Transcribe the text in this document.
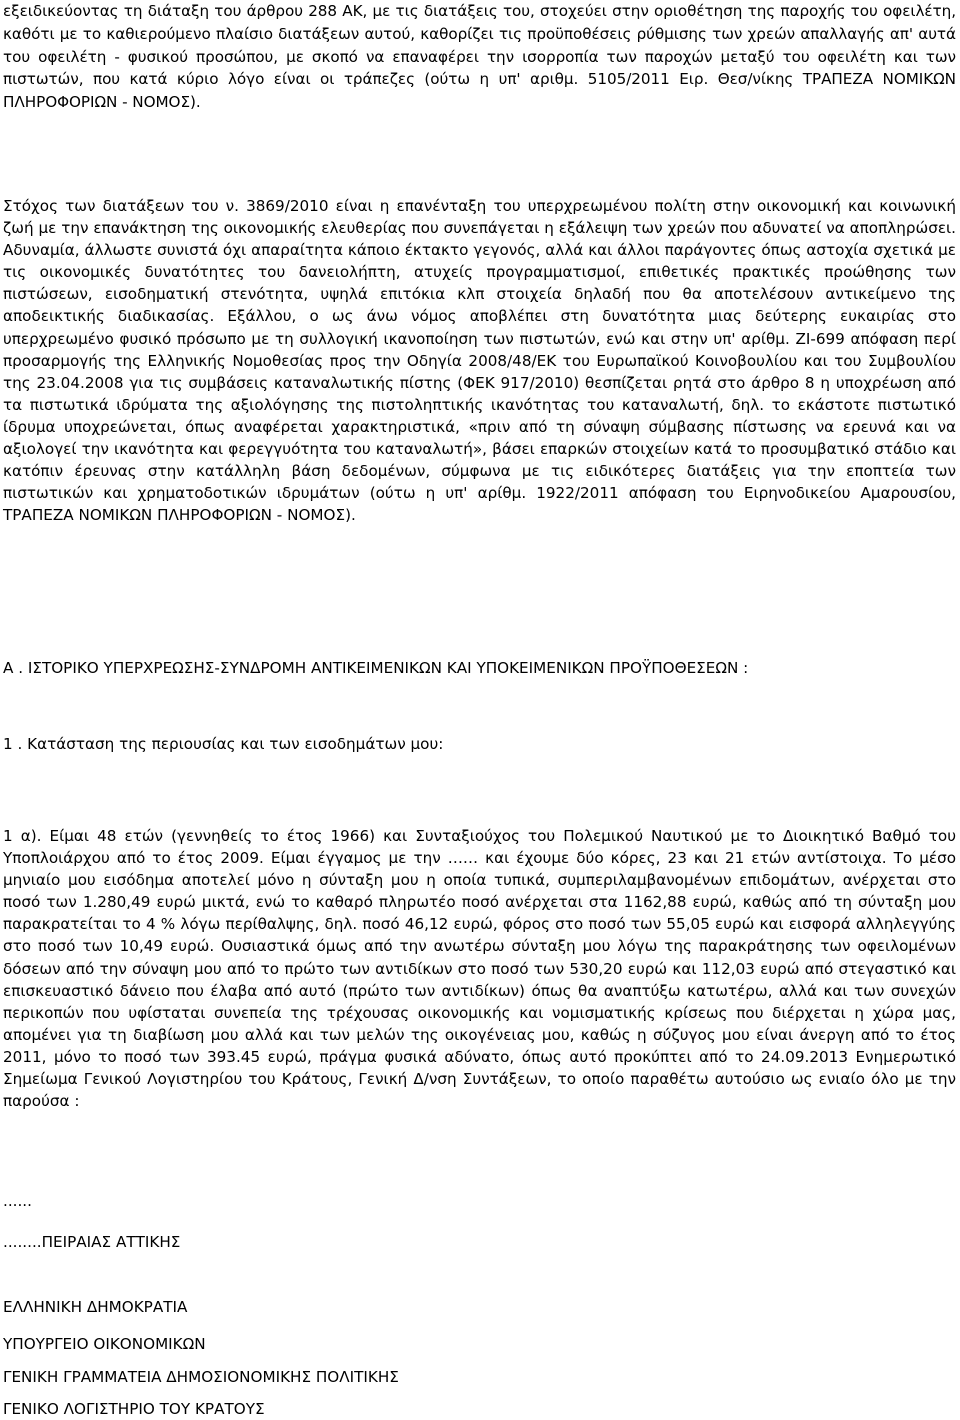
εξειδικεύοντας τη διάταξη του άρθρου 288 ΑΚ, με τις διατάξεις του, στοχεύει στην οριοθέτηση της παροχής του οφειλέτη, καθότι με το καθιερούμενο πλαίσιο διατάξεων αυτού, καθορίζει τις προϋποθέσεις ρύθμισης των χρεών απαλλαγής απ' αυτά του οφειλέτη - φυσικού προσώπου, με σκοπό να επαναφέρει την ισορροπία των παροχών μεταξύ του οφειλέτη και των πιστωτών, που κατά κύριο λόγο είναι οι τράπεζες (ούτω η υπ' αριθμ. 5105/2011 Ειρ. Θεσ/νίκης ΤΡΑΠΕΖΑ ΝΟΜΙΚΩΝ ΠΛΗΡΟΦΟΡΙΩΝ - ΝΟΜΟΣ).

Στόχος των διατάξεων του ν. 3869/2010 είναι η επανένταξη του υπερχρεωμένου πολίτη στην οικονομική και κοινωνική ζωή με την επανάκτηση της οικονομικής ελευθερίας που συνεπάγεται η εξάλειψη των χρεών που αδυνατεί να αποπληρώσει. Αδυναμία, άλλωστε συνιστά όχι απαραίτητα κάποιο έκτακτο γεγονός, αλλά και άλλοι παράγοντες όπως αστοχία σχετικά με τις οικονομικές δυνατότητες του δανειολήπτη, ατυχείς προγραμματισμοί, επιθετικές πρακτικές προώθησης των πιστώσεων, εισοδηματική στενότητα, υψηλά επιτόκια κλπ στοιχεία δηλαδή που θα αποτελέσουν αντικείμενο της αποδεικτικής διαδικασίας. Εξάλλου, ο ως άνω νόμος αποβλέπει στη δυνατότητα μιας δεύτερης ευκαιρίας στο υπερχρεωμένο φυσικό πρόσωπο με τη συλλογική ικανοποίηση των πιστωτών, ενώ και στην υπ' αρίθμ. ΖΙ-699 απόφαση περί προσαρμογής της Ελληνικής Νομοθεσίας προς την Οδηγία 2008/48/ΕΚ του Ευρωπαϊκού Κοινοβουλίου και του Συμβουλίου της 23.04.2008 για τις συμβάσεις καταναλωτικής πίστης (ΦΕΚ 917/2010) θεσπίζεται ρητά στο άρθρο 8 η υποχρέωση από τα πιστωτικά ιδρύματα της αξιολόγησης της πιστοληπτικής ικανότητας του καταναλωτή, δηλ. το εκάστοτε πιστωτικό ίδρυμα υποχρεώνεται, όπως αναφέρεται χαρακτηριστικά, «πριν από τη σύναψη σύμβασης πίστωσης να ερευνά και να αξιολογεί την ικανότητα και φερεγγυότητα του καταναλωτή», βάσει επαρκών στοιχείων κατά το προσυμβατικό στάδιο και κατόπιν έρευνας στην κατάλληλη βάση δεδομένων, σύμφωνα με τις ειδικότερες διατάξεις για την εποπτεία των πιστωτικών και χρηματοδοτικών ιδρυμάτων (ούτω η υπ' αρίθμ. 1922/2011 απόφαση του Ειρηνοδικείου Αμαρουσίου, ΤΡΑΠΕΖΑ ΝΟΜΙΚΩΝ ΠΛΗΡΟΦΟΡΙΩΝ - ΝΟΜΟΣ).

Α . ΙΣΤΟΡΙΚΟ ΥΠΕΡΧΡΕΩΣΗΣ-ΣΥΝΔΡΟΜΗ ΑΝΤΙΚΕΙΜΕΝΙΚΩΝ ΚΑΙ ΥΠΟΚΕΙΜΕΝΙΚΩΝ ΠΡΟΫΠΟΘΕΣΕΩΝ :
1 . Κατάσταση της περιουσίας και των εισοδημάτων μου:

1 α). Είμαι 48 ετών (γεννηθείς το έτος 1966) και Συνταξιούχος του Πολεμικού Ναυτικού με το Διοικητικό Βαθμό του Υποπλοιάρχου από το έτος 2009. Είμαι έγγαμος με την …… και έχουμε δύο κόρες, 23 και 21 ετών αντίστοιχα. Το μέσο μηνιαίο μου εισόδημα αποτελεί μόνο η σύνταξη μου η οποία τυπικά, συμπεριλαμβανομένων επιδομάτων, ανέρχεται στο ποσό των 1.280,49 ευρώ μικτά, ενώ το καθαρό πληρωτέο ποσό ανέρχεται στα 1162,88 ευρώ, καθώς από τη σύνταξη μου παρακρατείται το 4 % λόγω περίθαλψης, δηλ. ποσό 46,12 ευρώ, φόρος στο ποσό των 55,05 ευρώ και εισφορά αλληλεγγύης στο ποσό των 10,49 ευρώ. Ουσιαστικά όμως από την ανωτέρω σύνταξη μου λόγω της παρακράτησης των οφειλομένων δόσεων από την σύναψη μου από το πρώτο των αντιδίκων στο ποσό των 530,20 ευρώ και 112,03 ευρώ από στεγαστικό και επισκευαστικό δάνειο που έλαβα από αυτό (πρώτο των αντιδίκων) όπως θα αναπτύξω κατωτέρω, αλλά και των συνεχών περικοπών που υφίσταται συνεπεία της τρέχουσας οικονομικής και νομισματικής κρίσεως που διέρχεται η χώρα μας, απομένει για τη διαβίωση μου αλλά και των μελών της οικογένειας μου, καθώς η σύζυγος μου είναι άνεργη από το έτος 2011, μόνο το ποσό των 393.45 ευρώ, πράγμα φυσικά αδύνατο, όπως αυτό προκύπτει από το 24.09.2013 Ενημερωτικό Σημείωμα Γενικού Λογιστηρίου του Κράτους, Γενική Δ/νση Συντάξεων, το οποίο παραθέτω αυτούσιο ως ενιαίο όλο με την παρούσα :

......
........ΠΕΙΡΑΙΑΣ ΑΤΤΙΚΗΣ
ΕΛΛΗΝΙΚΗ ΔΗΜΟΚΡΑΤΙΑ
ΥΠΟΥΡΓΕΙΟ ΟΙΚΟΝΟΜΙΚΩΝ
ΓΕΝΙΚΗ ΓΡΑΜΜΑΤΕΙΑ ΔΗΜΟΣΙΟΝΟΜΙΚΗΣ ΠΟΛΙΤΙΚΗΣ
ΓΕΝΙΚΟ ΛΟΓΙΣΤΗΡΙΟ ΤΟΥ ΚΡΑΤΟΥΣ
